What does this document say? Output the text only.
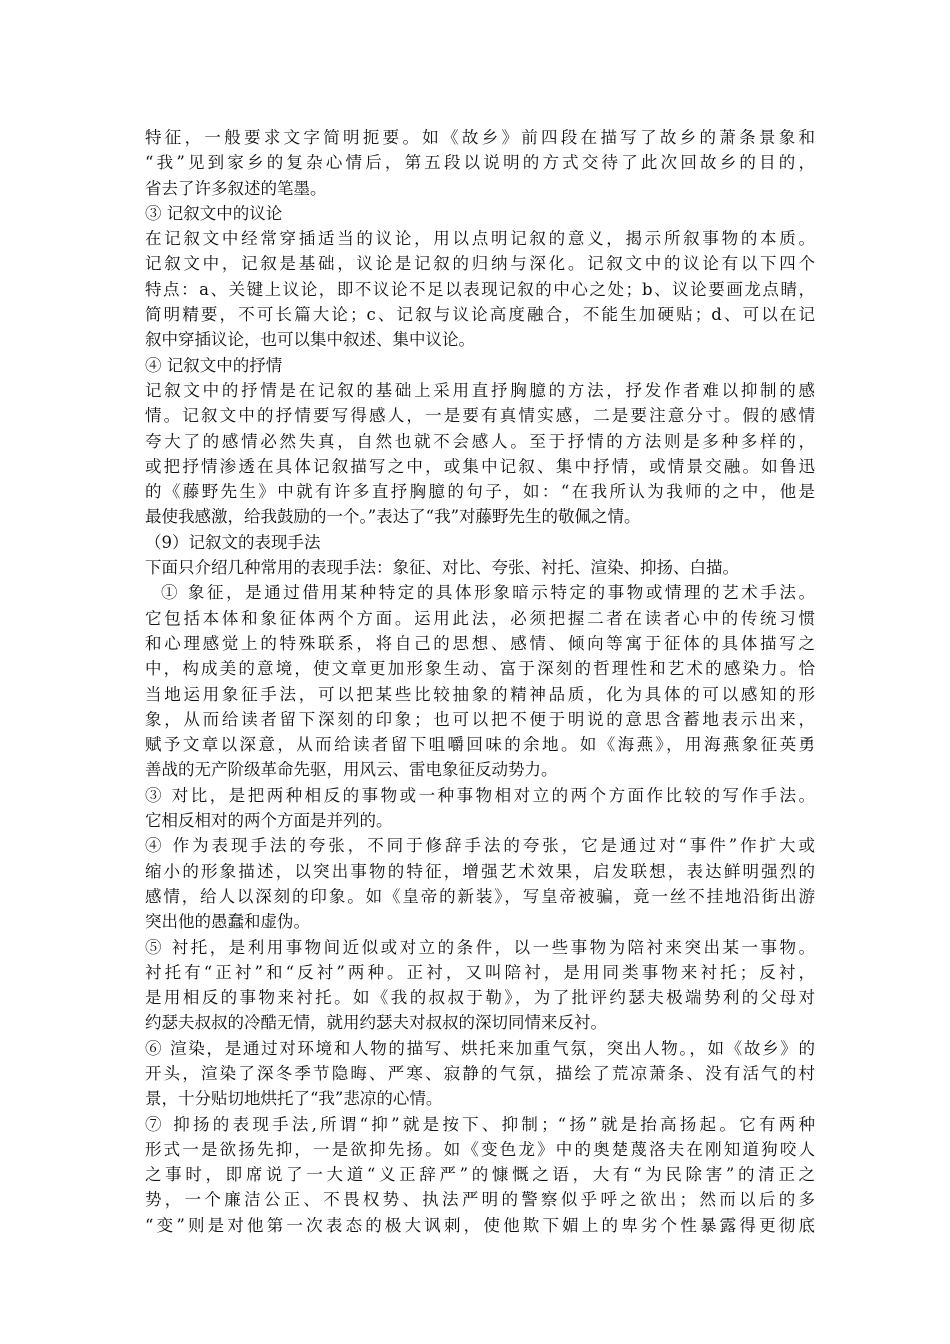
特征，一般要求文字简明扼要。如《故乡》前四段在描写了故乡的萧条景象和
“我”见到家乡的复杂心情后，第五段以说明的方式交待了此次回故乡的目的，
省去了许多叙述的笔墨。
③ 记叙文中的议论
在记叙文中经常穿插适当的议论，用以点明记叙的意义，揭示所叙事物的本质。
记叙文中，记叙是基础，议论是记叙的归纳与深化。记叙文中的议论有以下四个
特点：a、关键上议论，即不议论不足以表现记叙的中心之处；b、议论要画龙点睛，
简明精要，不可长篇大论；c、记叙与议论高度融合，不能生加硬贴；d、可以在记
叙中穿插议论，也可以集中叙述、集中议论。
④ 记叙文中的抒情
记叙文中的抒情是在记叙的基础上采用直抒胸臆的方法，抒发作者难以抑制的感
情。记叙文中的抒情要写得感人，一是要有真情实感，二是要注意分寸。假的感情
夸大了的感情必然失真，自然也就不会感人。至于抒情的方法则是多种多样的，
或把抒情渗透在具体记叙描写之中，或集中记叙、集中抒情，或情景交融。如鲁迅
的《藤野先生》中就有许多直抒胸臆的句子，如：“在我所认为我师的之中，他是
最使我感激，给我鼓励的一个。”表达了“我”对藤野先生的敬佩之情。
（9）记叙文的表现手法
下面只介绍几种常用的表现手法：象征、对比、夸张、衬托、渲染、抑扬、白描。
① 象征，是通过借用某种特定的具体形象暗示特定的事物或情理的艺术手法。
它包括本体和象征体两个方面。运用此法，必须把握二者在读者心中的传统习惯
和心理感觉上的特殊联系，将自己的思想、感情、倾向等寓于征体的具体描写之
中，构成美的意境，使文章更加形象生动、富于深刻的哲理性和艺术的感染力。恰
当地运用象征手法，可以把某些比较抽象的精神品质，化为具体的可以感知的形
象，从而给读者留下深刻的印象；也可以把不便于明说的意思含蓄地表示出来，
赋予文章以深意，从而给读者留下咀嚼回味的余地。如《海燕》，用海燕象征英勇
善战的无产阶级革命先驱，用风云、雷电象征反动势力。
③ 对比，是把两种相反的事物或一种事物相对立的两个方面作比较的写作手法。
它相反相对的两个方面是并列的。
④ 作为表现手法的夸张，不同于修辞手法的夸张，它是通过对“事件”作扩大或
缩小的形象描述，以突出事物的特征，增强艺术效果，启发联想，表达鲜明强烈的
感情，给人以深刻的印象。如《皇帝的新装》，写皇帝被骗，竟一丝不挂地沿街出游
突出他的愚蠢和虚伪。
⑤ 衬托，是利用事物间近似或对立的条件，以一些事物为陪衬来突出某一事物。
衬托有“正衬”和“反衬”两种。正衬，又叫陪衬，是用同类事物来衬托；反衬，
是用相反的事物来衬托。如《我的叔叔于勒》，为了批评约瑟夫极端势利的父母对
约瑟夫叔叔的冷酷无情，就用约瑟夫对叔叔的深切同情来反衬。
⑥ 渲染，是通过对环境和人物的描写、烘托来加重气氛，突出人物。，如《故乡》的
开头，渲染了深冬季节隐晦、严寒、寂静的气氛，描绘了荒凉萧条、没有活气的村
景，十分贴切地烘托了“我”悲凉的心情。
⑦ 抑扬的表现手法,所谓“抑”就是按下、抑制；“扬”就是抬高扬起。它有两种
形式一是欲扬先抑，一是欲抑先扬。如《变色龙》中的奥楚蔑洛夫在刚知道狗咬人
之事时，即席说了一大道“义正辞严”的慷慨之语，大有“为民除害”的清正之
势，一个廉洁公正、不畏权势、执法严明的警察似乎呼之欲出；然而以后的多
“变”则是对他第一次表态的极大讽刺，使他欺下媚上的卑劣个性暴露得更彻底
